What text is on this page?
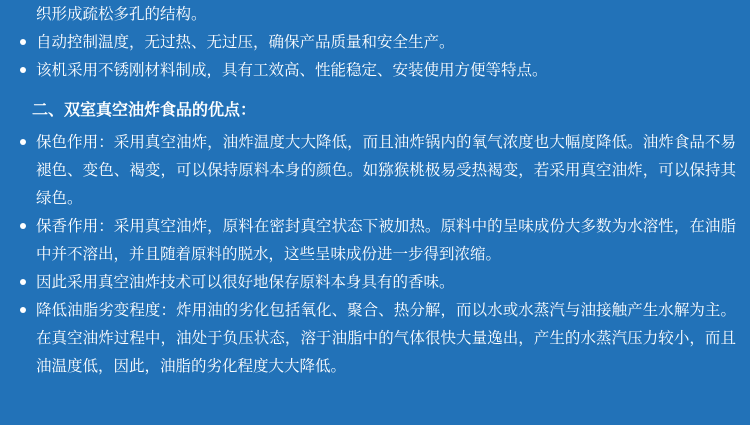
织形成疏松多孔的结构。
自动控制温度，无过热、无过压，确保产品质量和安全生产。
该机采用不锈刚材料制成，具有工效高、性能稳定、安装使用方便等特点。
二、双室真空油炸食品的优点：
保色作用：采用真空油炸，油炸温度大大降低，而且油炸锅内的氧气浓度也大幅度降低。油炸食品不易褪色、变色、褐变，可以保持原料本身的颜色。如猕猴桃极易受热褐变，若采用真空油炸，可以保持其绿色。
保香作用：采用真空油炸，原料在密封真空状态下被加热。原料中的呈味成份大多数为水溶性，在油脂中并不溶出，并且随着原料的脱水，这些呈味成份进一步得到浓缩。
因此采用真空油炸技术可以很好地保存原料本身具有的香味。
降低油脂劣变程度：炸用油的劣化包括氧化、聚合、热分解，而以水或水蒸汽与油接触产生水解为主。在真空油炸过程中，油处于负压状态，溶于油脂中的气体很快大量逸出，产生的水蒸汽压力较小，而且油温度低，因此，油脂的劣化程度大大降低。
